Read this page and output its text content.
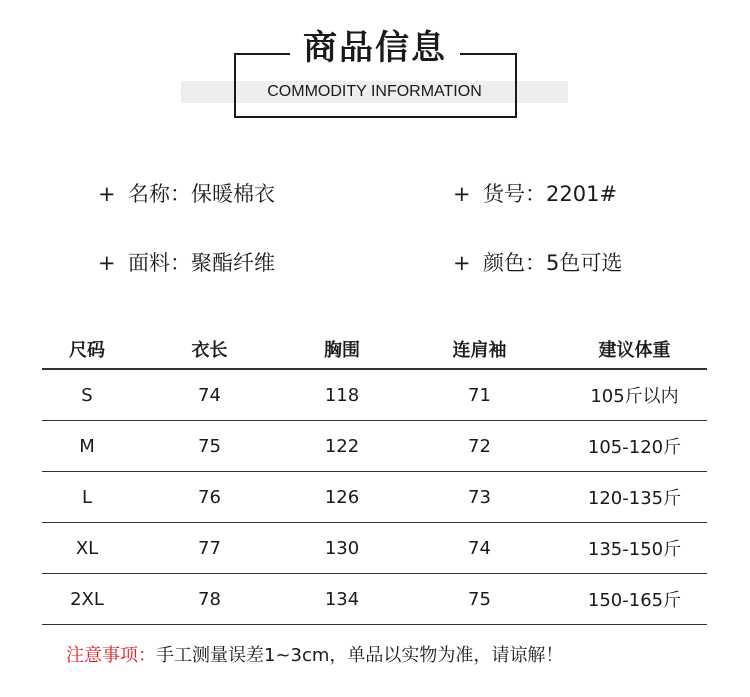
商品信息
COMMODITY INFORMATION
+ 名称：保暖棉衣	+ 货号：2201#
+ 面料：聚酯纤维	+ 颜色：5色可选
尺码	衣长	胸围	连肩袖	建议体重
S	74	118	71	105斤以内
M	75	122	72	105-120斤
L	76	126	73	120-135斤
XL	77	130	74	135-150斤
2XL	78	134	75	150-165斤
注意事项：手工测量误差1~3cm，单品以实物为准，请谅解！
